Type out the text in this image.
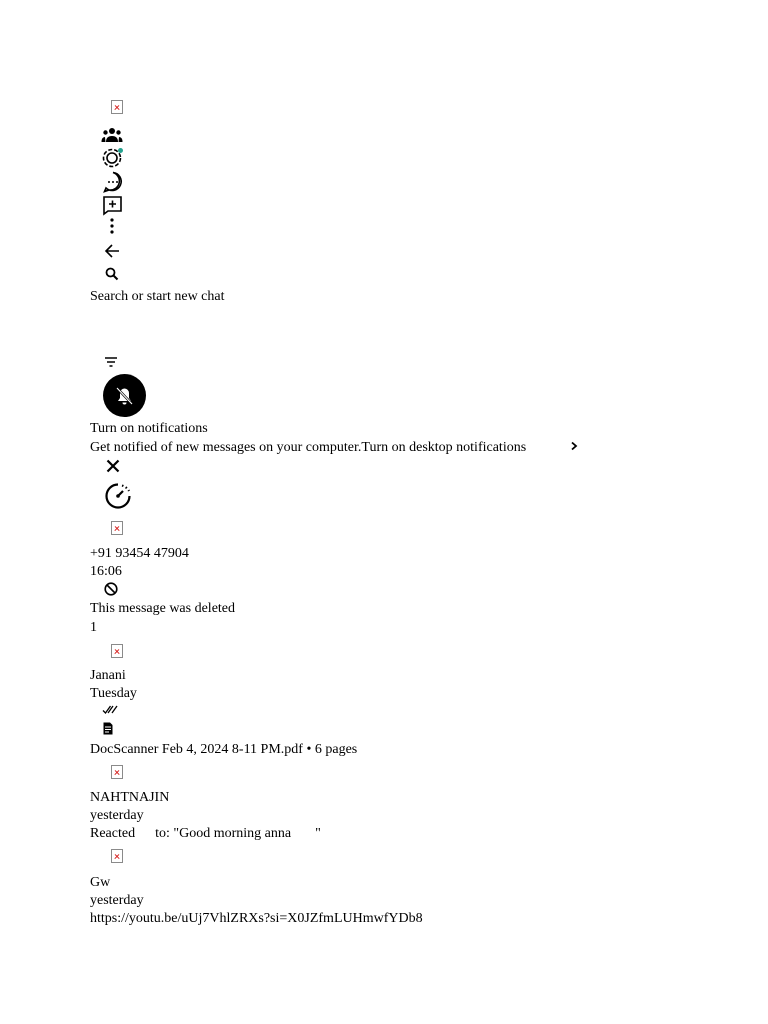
Search or start new chat
Turn on notifications
Get notified of new messages on your computer.Turn on desktop notifications
+91 93454 47904
16:06
This message was deleted
1
Janani
Tuesday
DocScanner Feb 4, 2024 8-11 PM.pdf • 6 pages
NAHTNAJIN
yesterday
Reacted to: "Good morning anna "
Gw
yesterday
https://youtu.be/uUj7VhlZRXs?si=X0JZfmLUHmwfYDb8
